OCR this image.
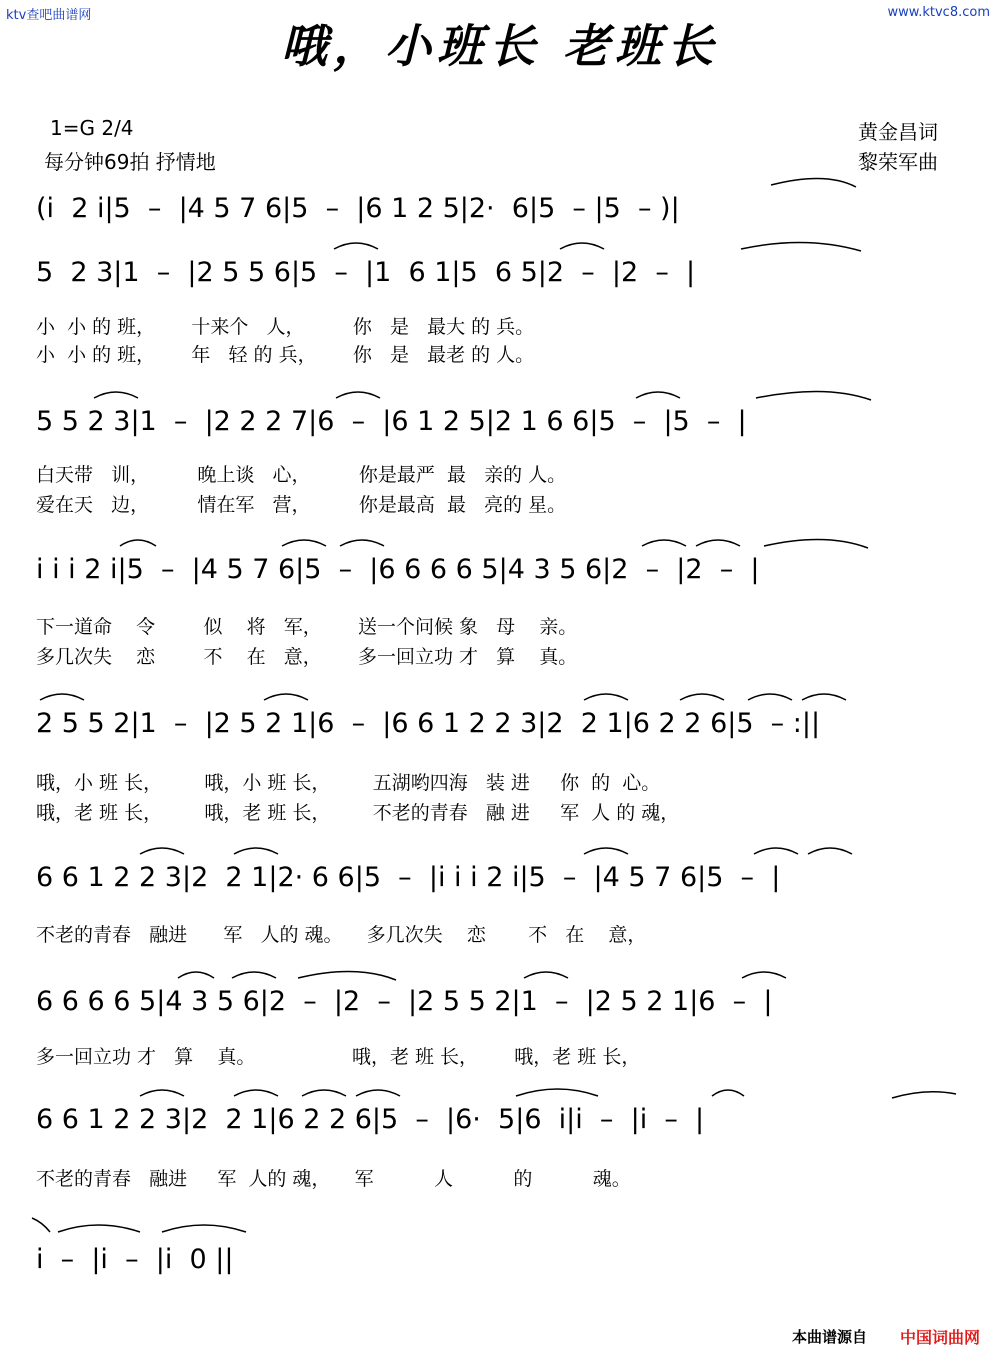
ktv查吧曲谱网	www.ktvc8.com
哦，小班长 老班长
1=G 2/4
每分钟69拍 抒情地
黄金昌词
黎荣军曲
(i  2 i|5  –  |4 5 7 6|5  –  |6 1 2 5|2·  6|5  – |5  – )|
5  2 3|1  –  |2 5 5 6|5  –  |1  6 1|5  6 5|2  –  |2  –  |
小  小 的 班，      十来个   人，        你   是   最大 的 兵。
小  小 的 班，      年   轻 的 兵，      你   是   最老 的 人。
5 5 2 3|1  –  |2 2 2 7|6  –  |6 1 2 5|2 1 6 6|5  –  |5  –  |
白天带   训，        晚上谈   心，        你是最严  最   亲的 人。
爱在天   边，        情在军   营，        你是最高  最   亮的 星。
i i i 2 i|5  –  |4 5 7 6|5  –  |6 6 6 6 5|4 3 5 6|2  –  |2  –  |
下一道命    令        似    将   军，      送一个问候 象   母    亲。
多几次失    恋        不    在   意，      多一回立功 才   算    真。
2 5 5 2|1  –  |2 5 2 1|6  –  |6 6 1 2 2 3|2  2 1|6 2 2 6|5  – :||
哦，小 班 长，       哦，小 班 长，       五湖哟四海   装 进     你  的  心。
哦，老 班 长，       哦，老 班 长，       不老的青春   融 进     军  人 的 魂，
6 6 1 2 2 3|2  2 1|2· 6 6|5  –  |i i i 2 i|5  –  |4 5 7 6|5  –  |
不老的青春   融进      军   人的 魂。    多几次失    恋       不   在    意，
6 6 6 6 5|4 3 5 6|2  –  |2  –  |2 5 5 2|1  –  |2 5 2 1|6  –  |
多一回立功 才   算    真。                哦，老 班 长，      哦，老 班 长，
6 6 1 2 2 3|2  2 1|6 2 2 6|5  –  |6·  5|6  i|i  –  |i  –  |
不老的青春   融进     军  人的 魂，    军          人          的          魂。
i  –  |i  –  |i  0 ||
本曲谱源自 中国词曲网
